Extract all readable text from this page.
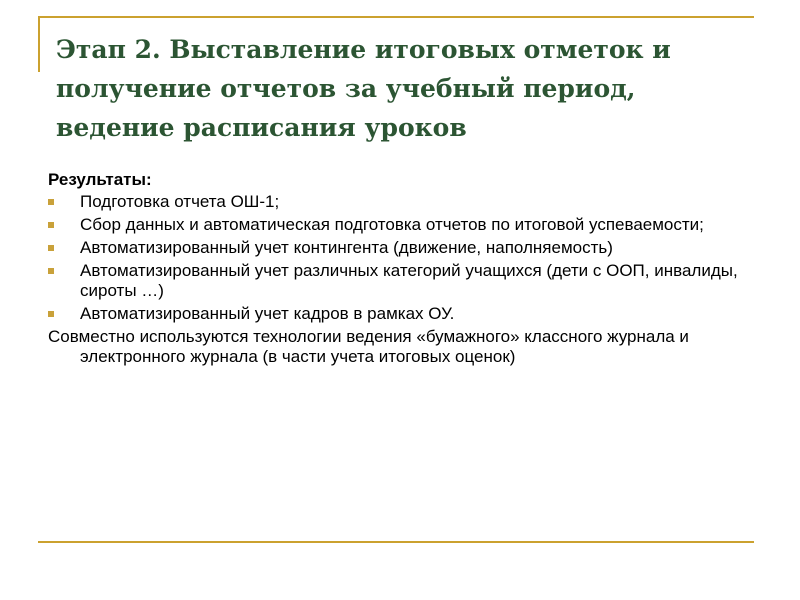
Этап 2. Выставление итоговых отметок и получение отчетов за учебный период, ведение расписания уроков

Результаты:

Подготовка отчета ОШ-1;
Сбор данных и автоматическая подготовка отчетов по итоговой успеваемости;
Автоматизированный учет контингента (движение, наполняемость)
Автоматизированный учет различных категорий учащихся (дети с ООП, инвалиды, сироты …)
Автоматизированный учет кадров в рамках ОУ.

Совместно используются технологии ведения «бумажного» классного журнала и электронного журнала (в части учета итоговых оценок)
